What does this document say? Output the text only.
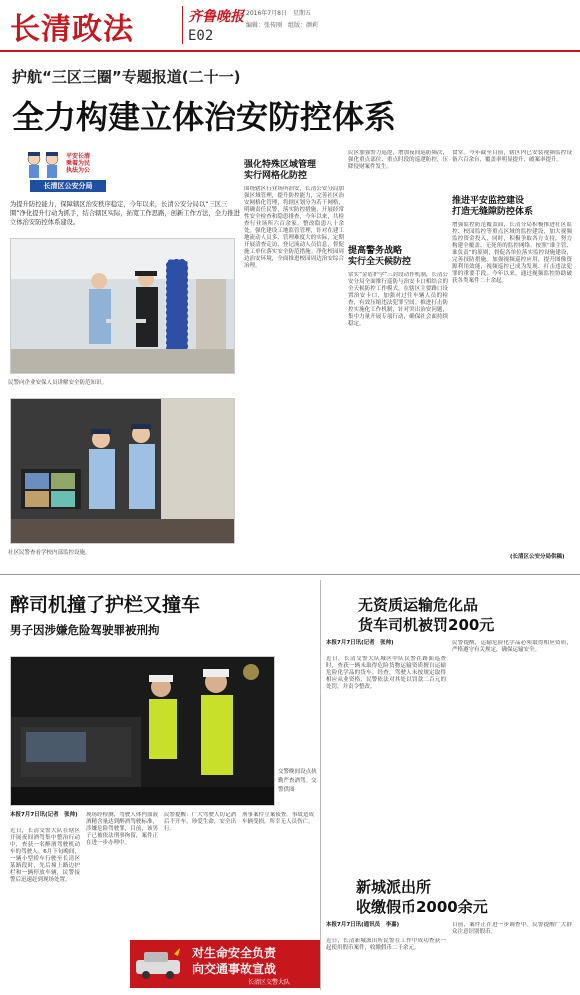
长清政法	齐鲁晚报
E02
2016年7月8日　星期五
编辑：张传刚　组版：颜莉
护航“三区三圈”专题报道(二十一)
全力构建立体治安防控体系
平安长清
乘着为民
执法为公
长清区公安分局
为提升防控能力，保障辖区治安秩序稳定，今年以来，长清公安分局以“三区三圈”净化提升行动为抓手，结合辖区实际，拓宽工作思路，创新工作方法，全力推进立体治安防控体系建设。
民警向企业安保人员讲解安全防范知识。
社区民警查看学校内部监控设施。
强化特殊区域管理
实行网格化防控
围绕辖区行业场所治安，长清公安分局加强区域管理，提升防控能力，完善社区治安网格化管理，将辖区划分为若干网格，明确责任民警，落实防控措施，开展经常性安全检查和隐患排查，今年以来，共检查行业场所六百余家，整改隐患八十余处。强化建设工地监管管理，针对在建工地流动人员多、管理难度大的实际，定期开展清查走访，登记流动人员信息，督促施工单位落实安全防范措施。净化校园周边治安环境，全面推进校园周边治安综合治理。
民区加强警力巡逻，增加夜间巡防频次，强化重点部位、重点时段的巡逻防控，压降侵财案件发生。
提高警务战略
实行全天候防控
常实“金盾护学”三封段动作机制，长清公安分局全面推行巡防与治安卡口相结合的全天候防控工作模式，在辖区主要路口设置治安卡口，加强对过往车辆人员的检查，有效压缩违法犯罪空间。推进打击防控实施化工作机制，针对突出治安问题，集中力量开展专项行动，确保社会面持续稳定。
食堂。今年截至目前，辖区内已安装视频监控设备六百余台，覆盖率明显提升，破案率提升。
推进平安监控建设
打造无缝隙防控体系
增强监控防范覆盖面，长清分局积极推进社区监控、校园监控等重点区域的监控建设，加大视频监控资金投入，同时，积极争取各方支持，努力构建全覆盖、无死角的监控网络。按照“谁主管、谁负责”的原则，督促各单位落实监控设施建设，完善技防措施。加强视频巡控应用，提升图像资源利用效能，视频巡控已成为发现、打击违法犯罪的重要手段。今年以来，通过视频监控协助破获各类案件二十余起。
(长清区公安分局供稿)
醉司机撞了护栏又撞车
男子因涉嫌危险驾驶罪被刑拘
交警晚间设点执勤严查酒驾。交警供图
本报7月7日讯(记者　张帅)
近日，长清交警大队在辖区开展夜间酒驾集中整治行动中，查获一名醉酒驾驶机动车的驾驶人。6月下旬晚间，一辆小型轿车行驶至长清区某路段时，先后撞上路边护栏和一辆停放车辆，民警接警后迅速赶到现场处置。
现场经检测，驾驶人体内血液酒精含量达到醉酒驾驶标准，涉嫌危险驾驶罪，目前，该男子已被依法刑事拘留，案件正在进一步办理中。
民警提醒：广大驾驶人切记酒后不开车，珍爱生命，安全出行。
刑事案件立案侦查。事故造成车辆受损，所幸无人员伤亡。
对生命安全负责
向交通事故宣战
长清区交警大队
无资质运输危化品
货车司机被罚200元
本报7月7日讯(记者　张帅)
近日，长清交警大队城区中队民警在路面巡查时，查获一辆未取得危险货物运输资质擅自运输危险化学品的货车。经查，驾驶人未按规定取得相应从业资格，民警依法对其处以罚款二百元的处罚，并责令整改。
民警提醒，运输危险化学品必须取得相应资质，严格遵守有关规定，确保运输安全。
新城派出所
收缴假币2000余元
本报7月7日讯(通讯员　李嘉)
近日，长清新城派出所民警在工作中成功查获一起使用假币案件，收缴假币二千余元。
目前，案件正在进一步调查中。民警提醒广大群众注意识别假币。
